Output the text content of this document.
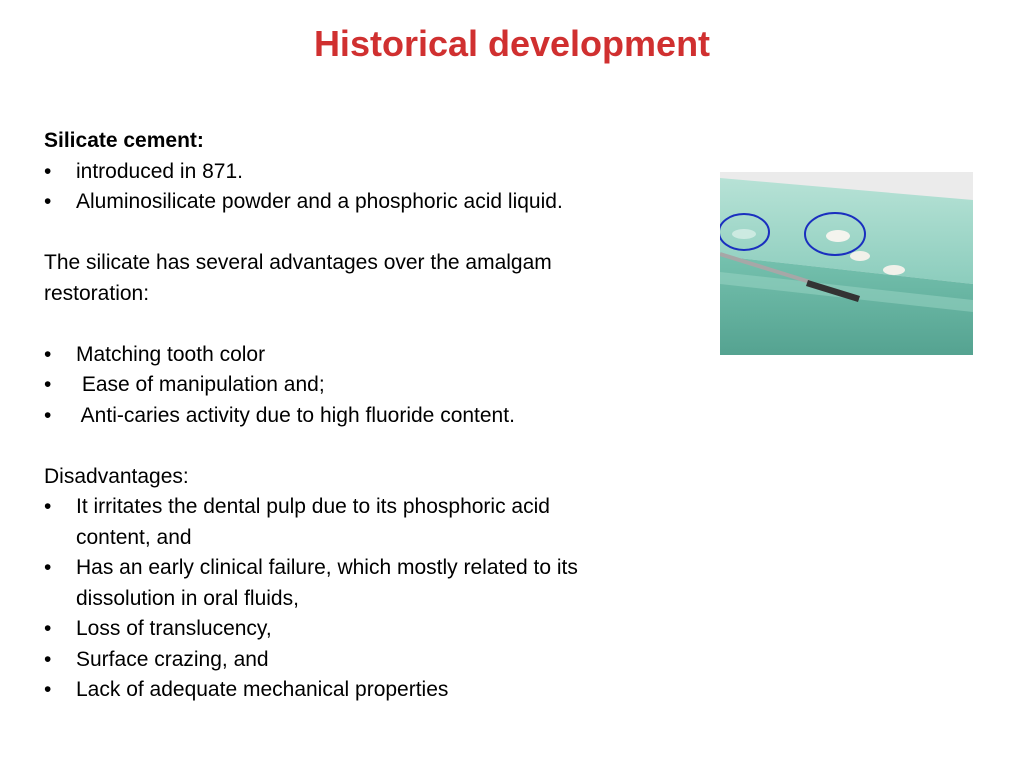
Historical development

Silicate cement:

• introduced in 871.
• Aluminosilicate powder and a phosphoric acid liquid.

The silicate has several advantages over the amalgam restoration:

• Matching tooth color
•  Ease of manipulation and;
•  Anti-caries activity due to high fluoride content.

Disadvantages:

• It irritates the dental pulp due to its phosphoric acid content, and
• Has an early clinical failure, which mostly related to its dissolution in oral fluids,
• Loss of translucency,
• Surface crazing, and
• Lack of adequate mechanical properties
